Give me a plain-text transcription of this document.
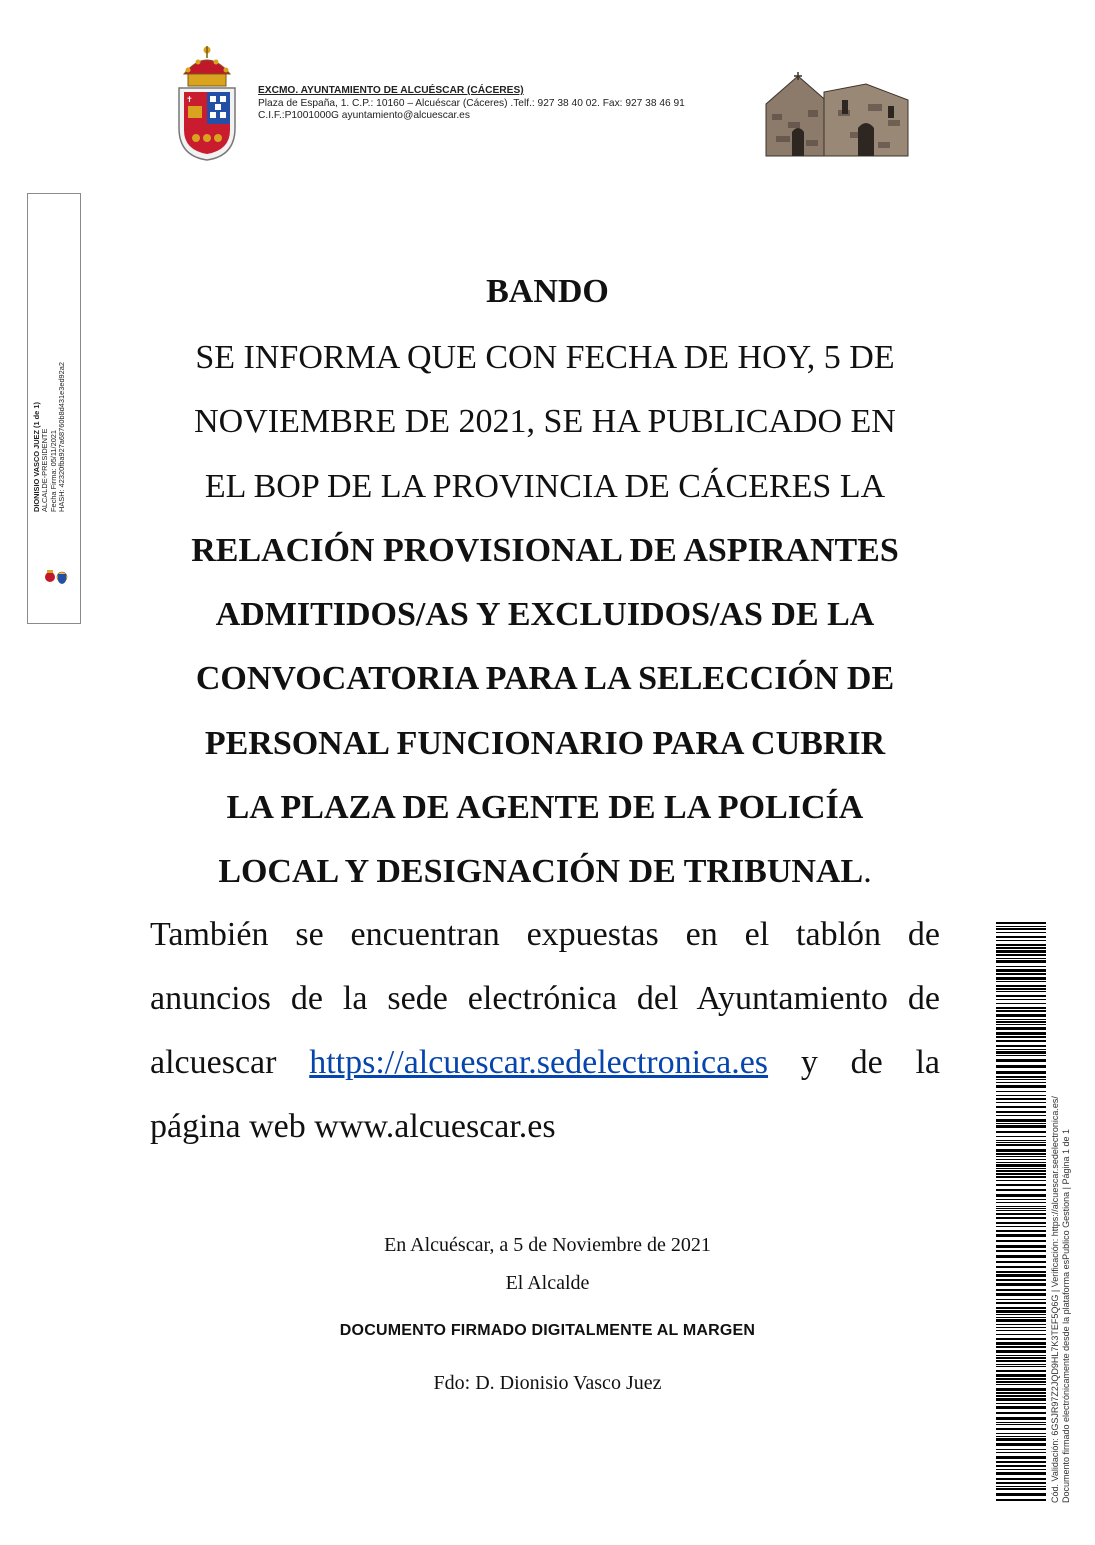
✝
EXCMO. AYUNTAMIENTO DE ALCUÉSCAR (CÁCERES)
Plaza de España, 1. C.P.: 10160 – Alcuéscar (Cáceres) .Telf.: 927 38 40 02. Fax: 927 38 46 91
C.I.F.:P1001000G ayuntamiento@alcuescar.es
DIONISIO VASCO JUEZ (1 de 1) ALCALDE-PRESIDENTE Fecha Firma: 05/11/2021 HASH: 42320fba927a68760b8d431e3ed92a2
BANDO
SE INFORMA QUE CON FECHA DE HOY, 5 DE
NOVIEMBRE DE 2021, SE HA PUBLICADO EN
EL BOP DE LA PROVINCIA DE CÁCERES LA
RELACIÓN PROVISIONAL DE ASPIRANTES
ADMITIDOS/AS Y EXCLUIDOS/AS DE LA
CONVOCATORIA PARA LA SELECCIÓN DE
PERSONAL FUNCIONARIO PARA CUBRIR
LA PLAZA DE AGENTE DE LA POLICÍA
LOCAL Y DESIGNACIÓN DE TRIBUNAL.

También se encuentran expuestas en el tablón de anuncios de la sede electrónica del Ayuntamiento de alcuescar https://alcuescar.sedelectronica.es y de la página web www.alcuescar.es

En Alcuéscar, a 5 de Noviembre de 2021
El Alcalde
DOCUMENTO FIRMADO DIGITALMENTE AL MARGEN
Fdo: D. Dionisio Vasco Juez	Cód. Validación: 6GSJR97Z2JQD9HL7K3TEF5Q6G | Verificación: https://alcuescar.sedelectronica.es/ Documento firmado electrónicamente desde la plataforma esPublico Gestiona | Página 1 de 1
